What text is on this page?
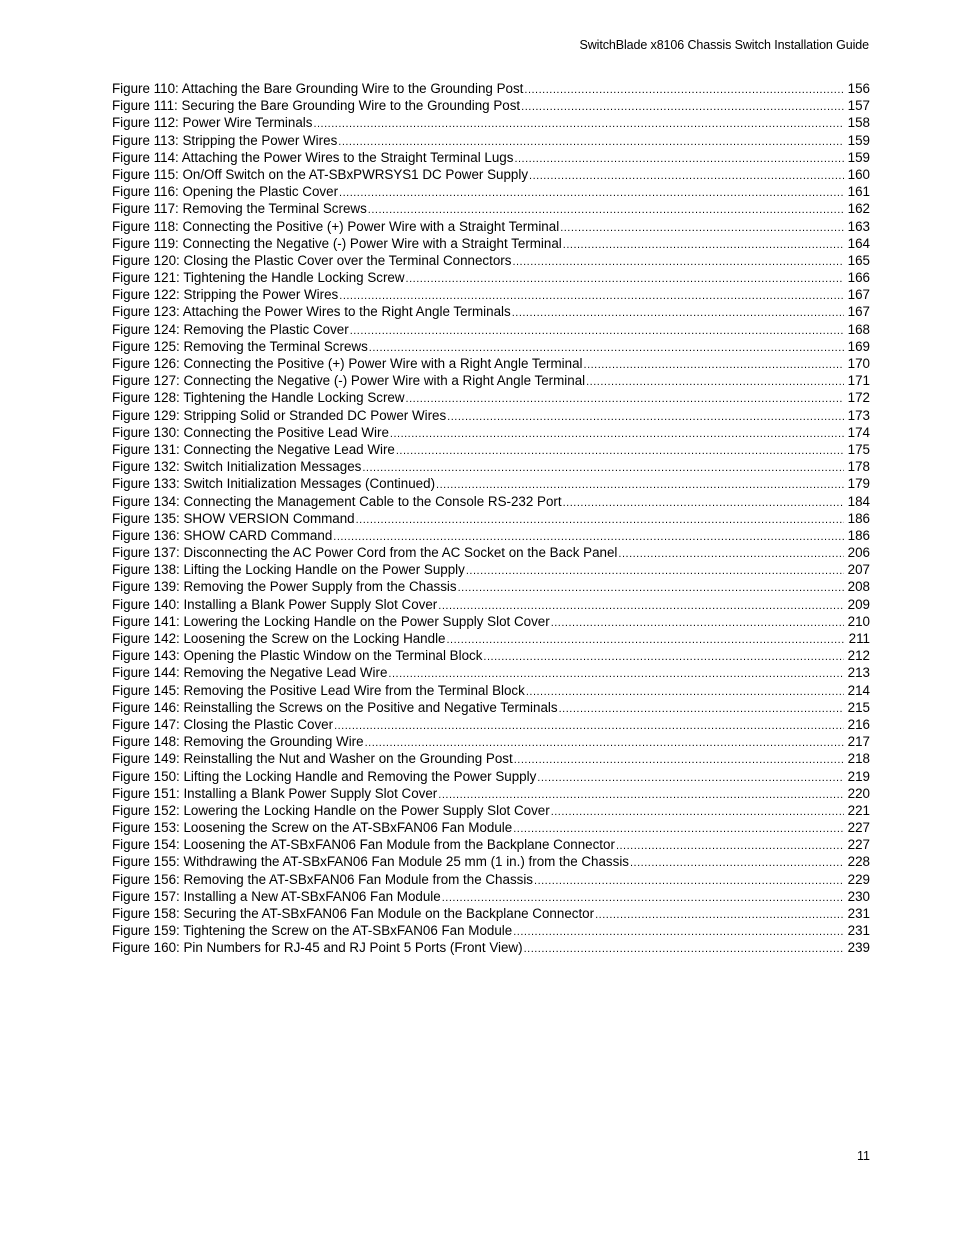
SwitchBlade x8106 Chassis Switch Installation Guide
Figure 110: Attaching the Bare Grounding Wire to the Grounding Post .....	156
Figure 111: Securing the Bare Grounding Wire to the Grounding Post .....	157
Figure 112: Power Wire Terminals .....	158
Figure 113: Stripping the Power Wires .....	159
Figure 114: Attaching the Power Wires to the Straight Terminal Lugs .....	159
Figure 115: On/Off Switch on the AT-SBxPWRSYS1 DC Power Supply .....	160
Figure 116: Opening the Plastic Cover .....	161
Figure 117: Removing the Terminal Screws .....	162
Figure 118: Connecting the Positive (+) Power Wire with a Straight Terminal .....	163
Figure 119: Connecting the Negative (-) Power Wire with a Straight Terminal .....	164
Figure 120: Closing the Plastic Cover over the Terminal Connectors .....	165
Figure 121: Tightening the Handle Locking Screw .....	166
Figure 122: Stripping the Power Wires .....	167
Figure 123: Attaching the Power Wires to the Right Angle Terminals .....	167
Figure 124: Removing the Plastic Cover .....	168
Figure 125: Removing the Terminal Screws .....	169
Figure 126: Connecting the Positive (+) Power Wire with a Right Angle Terminal .....	170
Figure 127: Connecting the Negative (-) Power Wire with a Right Angle Terminal .....	171
Figure 128: Tightening the Handle Locking Screw .....	172
Figure 129: Stripping Solid or Stranded DC Power Wires .....	173
Figure 130: Connecting the Positive Lead Wire .....	174
Figure 131: Connecting the Negative Lead Wire .....	175
Figure 132: Switch Initialization Messages .....	178
Figure 133: Switch Initialization Messages (Continued) .....	179
Figure 134: Connecting the Management Cable to the Console RS-232 Port .....	184
Figure 135: SHOW VERSION Command .....	186
Figure 136: SHOW CARD Command .....	186
Figure 137: Disconnecting the AC Power Cord from the AC Socket on the Back Panel .....	206
Figure 138: Lifting the Locking Handle on the Power Supply .....	207
Figure 139: Removing the Power Supply from the Chassis .....	208
Figure 140: Installing a Blank Power Supply Slot Cover .....	209
Figure 141: Lowering the Locking Handle on the Power Supply Slot Cover .....	210
Figure 142: Loosening the Screw on the Locking Handle .....	211
Figure 143: Opening the Plastic Window on the Terminal Block .....	212
Figure 144: Removing the Negative Lead Wire .....	213
Figure 145: Removing the Positive Lead Wire from the Terminal Block .....	214
Figure 146: Reinstalling the Screws on the Positive and Negative Terminals .....	215
Figure 147: Closing the Plastic Cover .....	216
Figure 148: Removing the Grounding Wire .....	217
Figure 149: Reinstalling the Nut and Washer on the Grounding Post .....	218
Figure 150: Lifting the Locking Handle and Removing the Power Supply .....	219
Figure 151: Installing a Blank Power Supply Slot Cover .....	220
Figure 152: Lowering the Locking Handle on the Power Supply Slot Cover .....	221
Figure 153: Loosening the Screw on the AT-SBxFAN06 Fan Module .....	227
Figure 154: Loosening the AT-SBxFAN06 Fan Module from the Backplane Connector .....	227
Figure 155: Withdrawing the AT-SBxFAN06 Fan Module 25 mm (1 in.) from the Chassis .....	228
Figure 156: Removing the AT-SBxFAN06 Fan Module from the Chassis .....	229
Figure 157: Installing a New AT-SBxFAN06 Fan Module .....	230
Figure 158: Securing the AT-SBxFAN06 Fan Module on the Backplane Connector .....	231
Figure 159: Tightening the Screw on the AT-SBxFAN06 Fan Module .....	231
Figure 160: Pin Numbers for RJ-45 and RJ Point 5 Ports (Front View) .....	239
11
